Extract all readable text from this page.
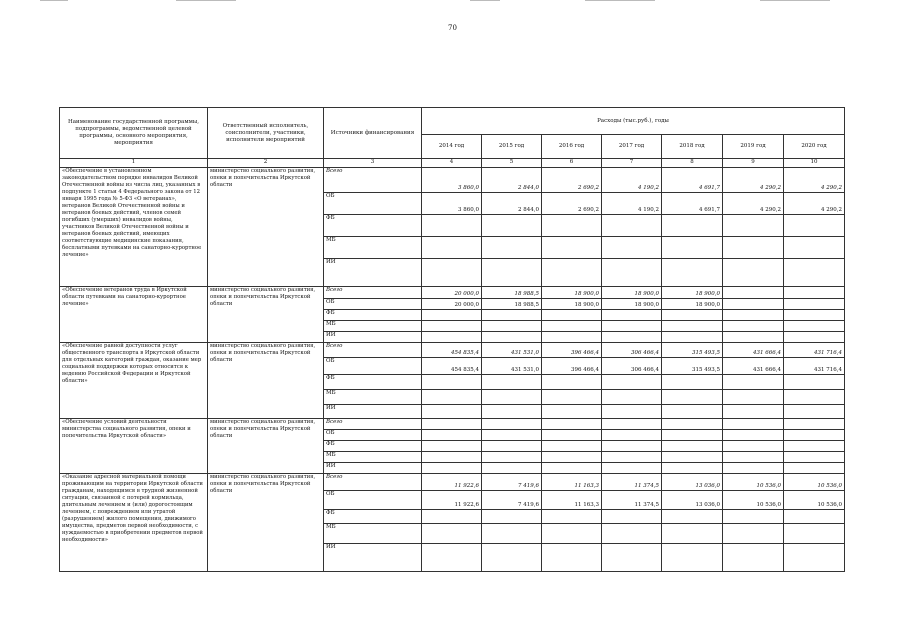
70
Наименование государственной программы, подпрограммы, ведомственной целевой программы, основного мероприятия, мероприятия	Ответственный исполнитель, соисполнители, участники, исполнители мероприятий	Источники финансирования	Расходы (тыс.руб.), годы						
			2014 год	2015 год	2016 год	2017 год	2018 год	2019 год	2020 год
1	2	3	4	5	6	7	8	9	10
«Обеспечение в установленном законодательством порядке инвалидов Великой Отечественной войны из числа лиц, указанных в подпункте 1 статьи 4 Федерального закона от 12 января 1995 года № 5-ФЗ «О ветеранах», ветеранов Великой Отечественной войны и ветеранов боевых действий, членов семей погибших (умерших) инвалидов войны, участников Великой Отечественной войны и ветеранов боевых действий, имеющих соответствующие медицинские показания, бесплатными путевками на санаторно-курортное лечение»	министерство социального развития, опеки и попечительства Иркутской области	Всего	3 860,0	2 844,0	2 690,2	4 190,2	4 691,7	4 290,2	4 290,2
		ОБ	3 860,0	2 844,0	2 690,2	4 190,2	4 691,7	4 290,2	4 290,2
		ФБ							
		МБ							
		ИИ							
«Обеспечение ветеранов труда в Иркутской области путевками на санаторно-курортное лечение»	министерство социального развития, опеки и попечительства Иркутской области	Всего	20 000,0	18 988,5	18 900,0	18 900,0	18 900,0		
		ОБ	20 000,0	18 988,5	18 900,0	18 900,0	18 900,0		
		ФБ							
		МБ							
		ИИ							
«Обеспечение равной доступности услуг общественного транспорта в Иркутской области для отдельных категорий граждан, оказание мер социальной поддержки которых относится к ведению Российской Федерации и Иркутской области»	министерство социального развития, опеки и попечительства Иркутской области	Всего	454 835,4	431 531,0	396 466,4	306 466,4	315 493,5	431 666,4	431 716,4
		ОБ	454 835,4	431 531,0	396 466,4	306 466,4	315 493,5	431 666,4	431 716,4
		ФБ							
		МБ							
		ИИ							
«Обеспечение условий деятельности министерства социального развития, опеки и попечительства Иркутской области»	министерство социального развития, опеки и попечительства Иркутской области	Всего							
		ОБ							
		ФБ							
		МБ							
		ИИ							
«Оказание адресной материальной помощи проживающим на территории Иркутской области гражданам, находящимся в трудной жизненной ситуации, связанной с потерей кормильца, длительным лечением и (или) дорогостоящим лечением, с повреждением или утратой (разрушением) жилого помещения, движимого имущества, предметов первой необходимости, с нуждаемостью в приобретении предметов первой необходимости»	министерство социального развития, опеки и попечительства Иркутской области	Всего	11 922,6	7 419,6	11 163,3	11 374,5	13 036,0	10 536,0	10 536,0
		ОБ	11 922,6	7 419,6	11 163,3	11 374,5	13 036,0	10 536,0	10 536,0
		ФБ							
		МБ							
		ИИ							
